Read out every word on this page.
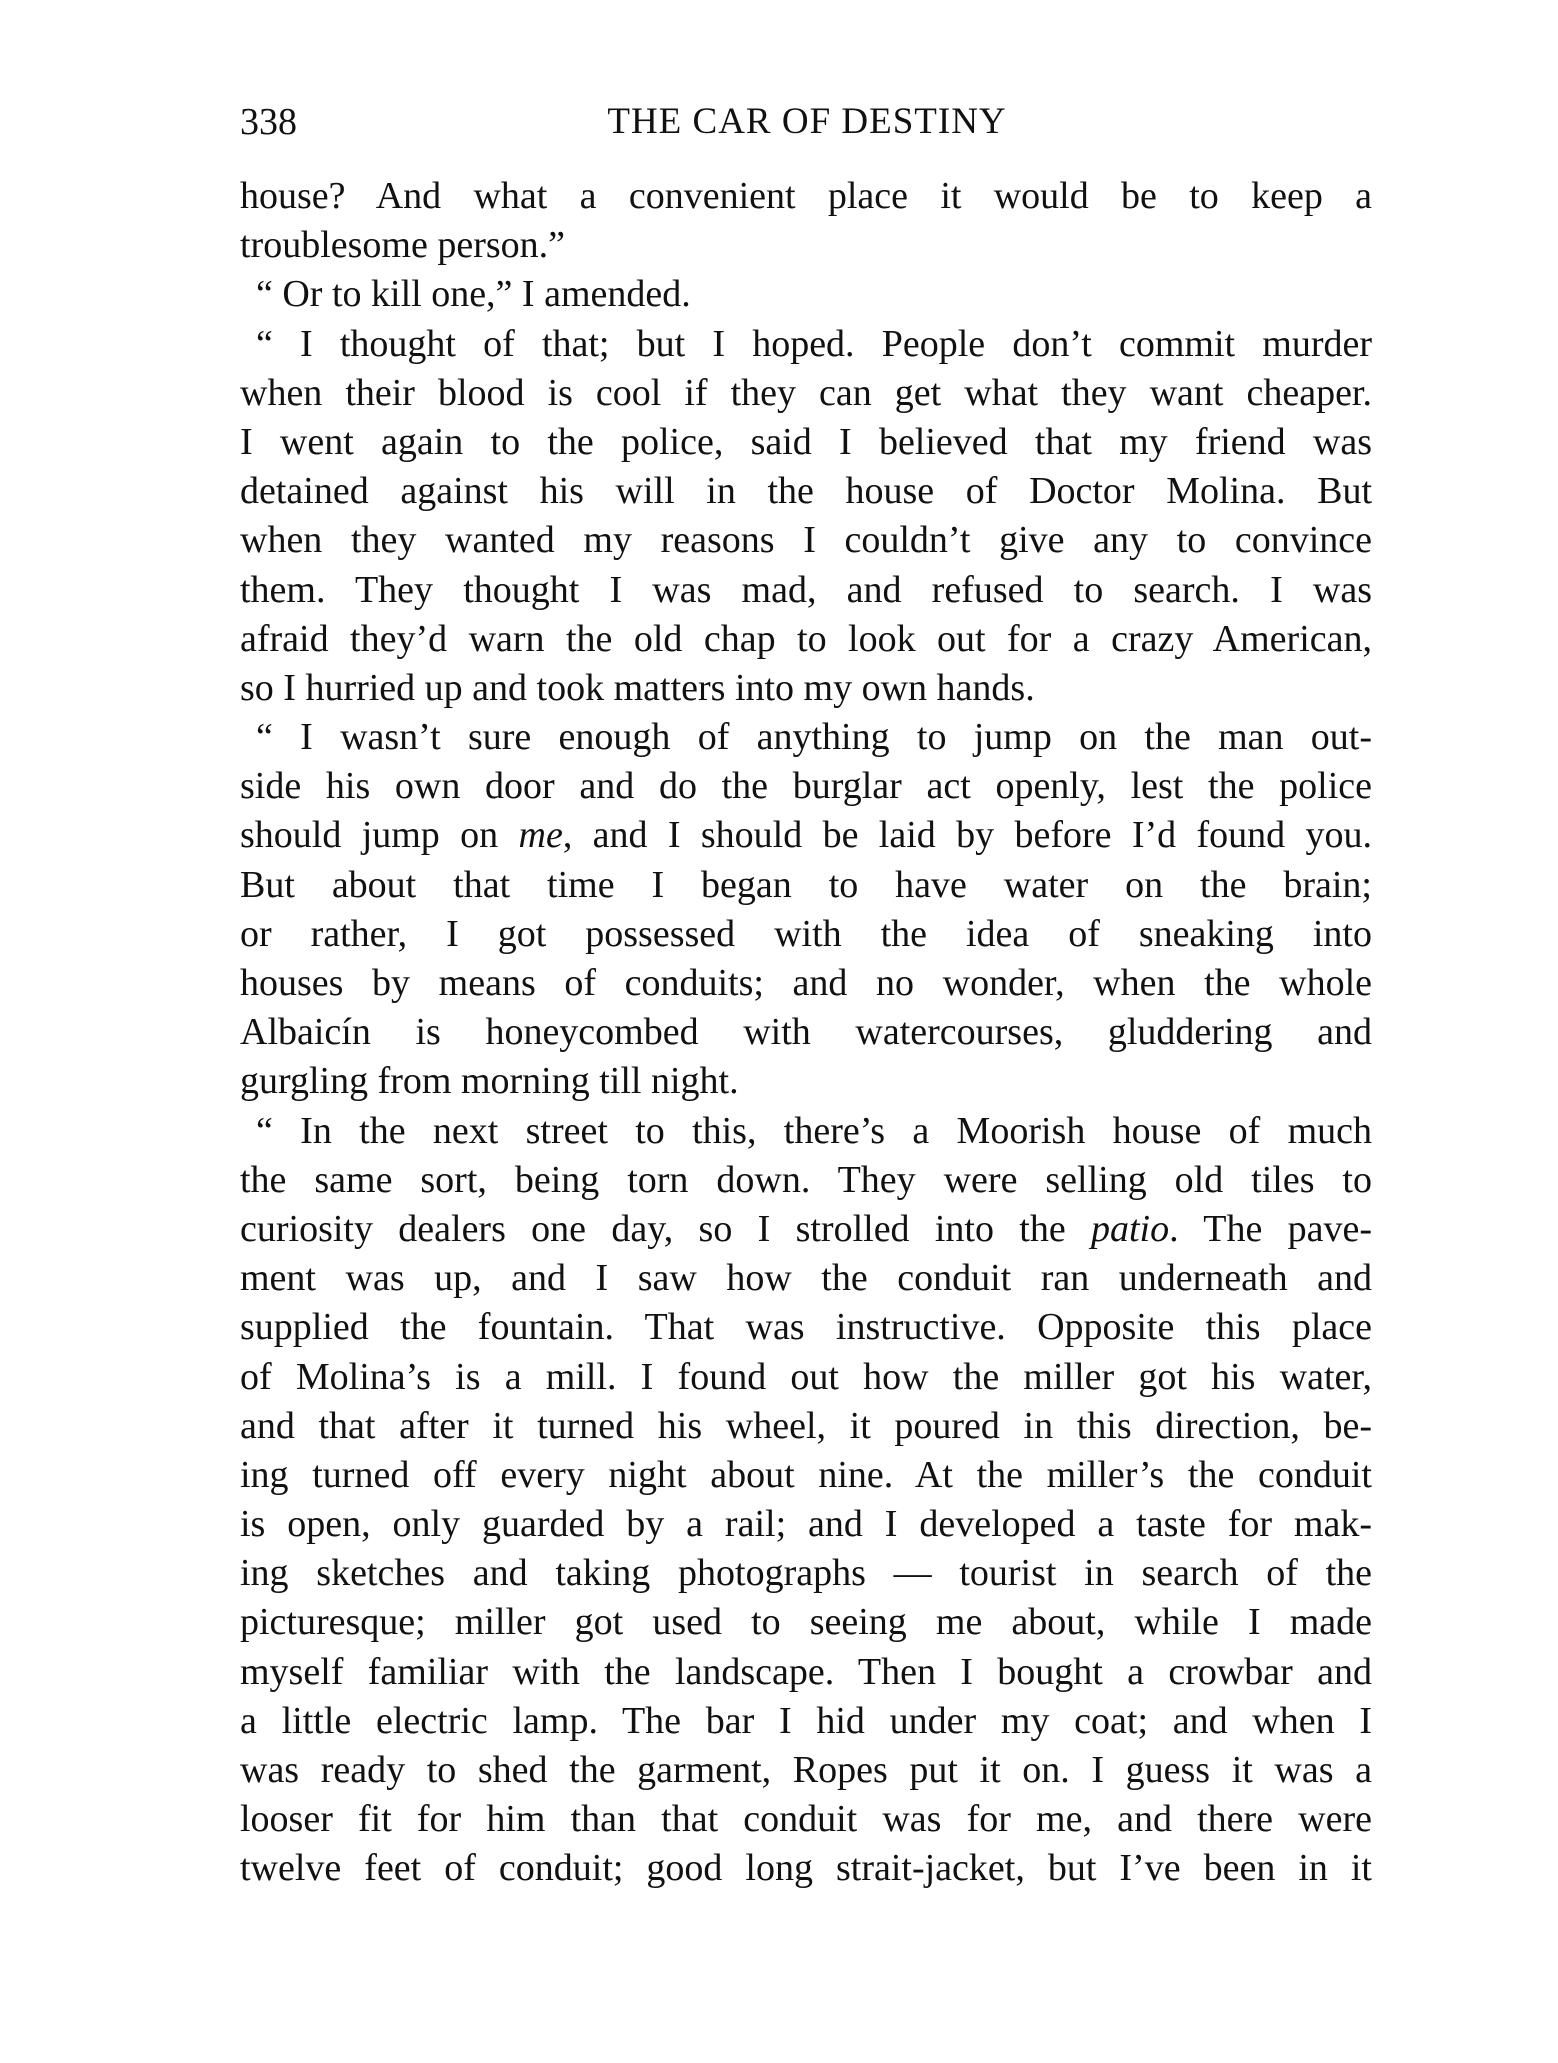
338	THE CAR OF DESTINY
house? And what a convenient place it would be to keep a
troublesome person.”
“ Or to kill one,” I amended.
“ I thought of that; but I hoped. People don’t commit murder
when their blood is cool if they can get what they want cheaper.
I went again to the police, said I believed that my friend was
detained against his will in the house of Doctor Molina. But
when they wanted my reasons I couldn’t give any to convince
them. They thought I was mad, and refused to search. I was
afraid they’d warn the old chap to look out for a crazy American,
so I hurried up and took matters into my own hands.
“ I wasn’t sure enough of anything to jump on the man out-
side his own door and do the burglar act openly, lest the police
should jump on me, and I should be laid by before I’d found you.
But about that time I began to have water on the brain;
or rather, I got possessed with the idea of sneaking into
houses by means of conduits; and no wonder, when the whole
Albaicín is honeycombed with watercourses, gluddering and
gurgling from morning till night.
“ In the next street to this, there’s a Moorish house of much
the same sort, being torn down. They were selling old tiles to
curiosity dealers one day, so I strolled into the patio. The pave-
ment was up, and I saw how the conduit ran underneath and
supplied the fountain. That was instructive. Opposite this place
of Molina’s is a mill. I found out how the miller got his water,
and that after it turned his wheel, it poured in this direction, be-
ing turned off every night about nine. At the miller’s the conduit
is open, only guarded by a rail; and I developed a taste for mak-
ing sketches and taking photographs — tourist in search of the
picturesque; miller got used to seeing me about, while I made
myself familiar with the landscape. Then I bought a crowbar and
a little electric lamp. The bar I hid under my coat; and when I
was ready to shed the garment, Ropes put it on. I guess it was a
looser fit for him than that conduit was for me, and there were
twelve feet of conduit; good long strait-jacket, but I’ve been in it
